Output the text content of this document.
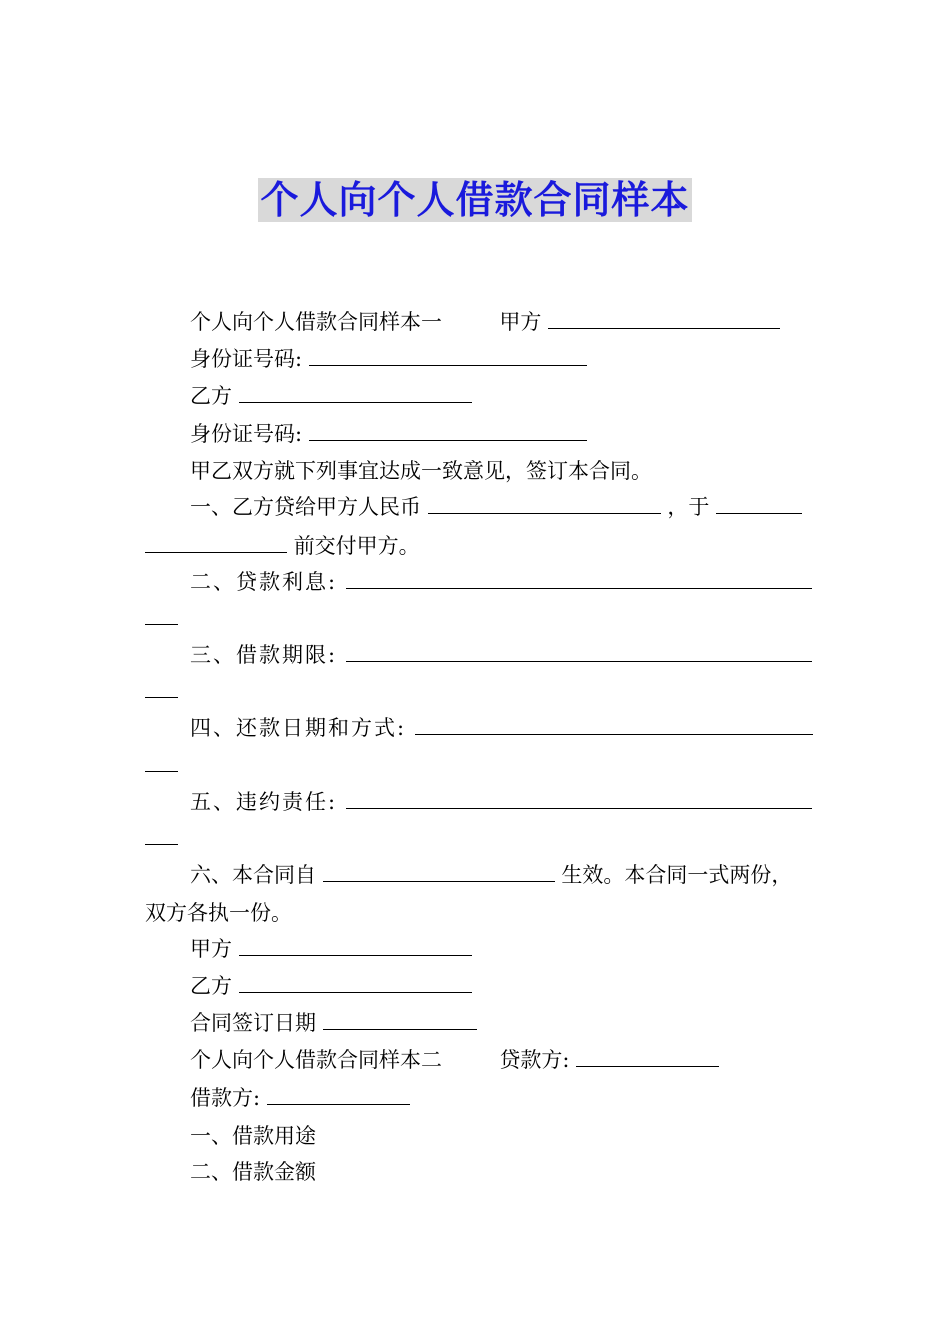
个人向个人借款合同样本
个人向个人借款合同样本一	甲方
身份证号码:
乙方
身份证号码:
甲乙双方就下列事宜达成一致意见，签订本合同。
一、乙方贷给甲方人民币	，于
前交付甲方。
二、贷款利息:
三、借款期限:
四、还款日期和方式:
五、违约责任:
六、本合同自	生效。本合同一式两份，
双方各执一份。
甲方
乙方
合同签订日期
个人向个人借款合同样本二	贷款方:
借款方:
一、借款用途
二、借款金额
